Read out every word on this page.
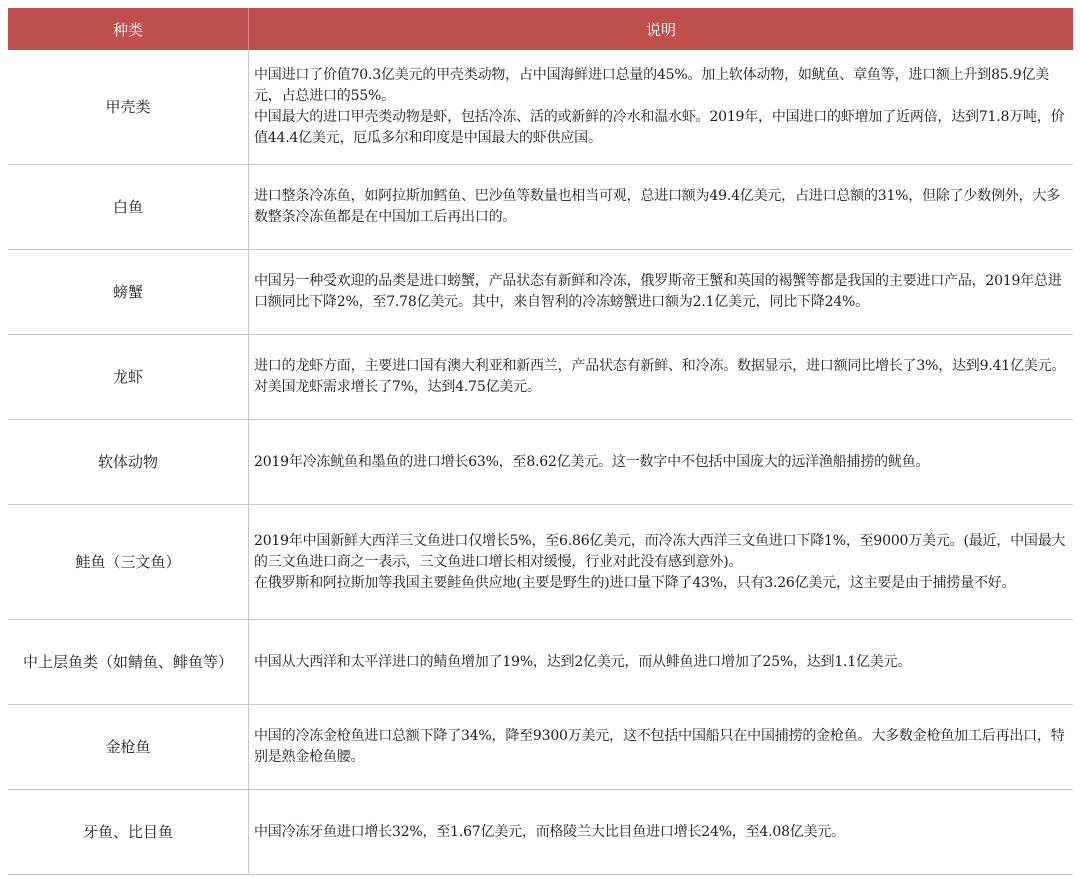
种类	说明
甲壳类	中国进口了价值70.3亿美元的甲壳类动物，占中国海鲜进口总量的45%。加上软体动物，如鱿鱼、章鱼等，进口额上升到85.9亿美元，占总进口的55%。

中国最大的进口甲壳类动物是虾，包括冷冻、活的或新鲜的冷水和温水虾。2019年，中国进口的虾增加了近两倍，达到71.8万吨，价值44.4亿美元，厄瓜多尔和印度是中国最大的虾供应国。

白鱼	进口整条冷冻鱼，如阿拉斯加鳕鱼、巴沙鱼等数量也相当可观，总进口额为49.4亿美元，占进口总额的31%，但除了少数例外，大多数整条冷冻鱼都是在中国加工后再出口的。

螃蟹	中国另一种受欢迎的品类是进口螃蟹，产品状态有新鲜和冷冻，俄罗斯帝王蟹和英国的褐蟹等都是我国的主要进口产品，2019年总进口额同比下降2%，至7.78亿美元。其中，来自智利的冷冻螃蟹进口额为2.1亿美元，同比下降24%。

龙虾	进口的龙虾方面，主要进口国有澳大利亚和新西兰，产品状态有新鲜、和冷冻。数据显示，进口额同比增长了3%，达到9.41亿美元。对美国龙虾需求增长了7%，达到4.75亿美元。

软体动物	2019年冷冻鱿鱼和墨鱼的进口增长63%，至8.62亿美元。这一数字中不包括中国庞大的远洋渔船捕捞的鱿鱼。

鲑鱼（三文鱼）	2019年中国新鲜大西洋三文鱼进口仅增长5%，至6.86亿美元，而冷冻大西洋三文鱼进口下降1%，至9000万美元。(最近，中国最大的三文鱼进口商之一表示，三文鱼进口增长相对缓慢，行业对此没有感到意外)。

在俄罗斯和阿拉斯加等我国主要鲑鱼供应地(主要是野生的)进口量下降了43%，只有3.26亿美元，这主要是由于捕捞量不好。

中上层鱼类（如鲭鱼、鲱鱼等）	中国从大西洋和太平洋进口的鲭鱼增加了19%，达到2亿美元，而从鲱鱼进口增加了25%，达到1.1亿美元。

金枪鱼	中国的冷冻金枪鱼进口总额下降了34%，降至9300万美元，这不包括中国船只在中国捕捞的金枪鱼。大多数金枪鱼加工后再出口，特别是熟金枪鱼腰。

牙鱼、比目鱼	中国冷冻牙鱼进口增长32%，至1.67亿美元，而格陵兰大比目鱼进口增长24%，至4.08亿美元。
